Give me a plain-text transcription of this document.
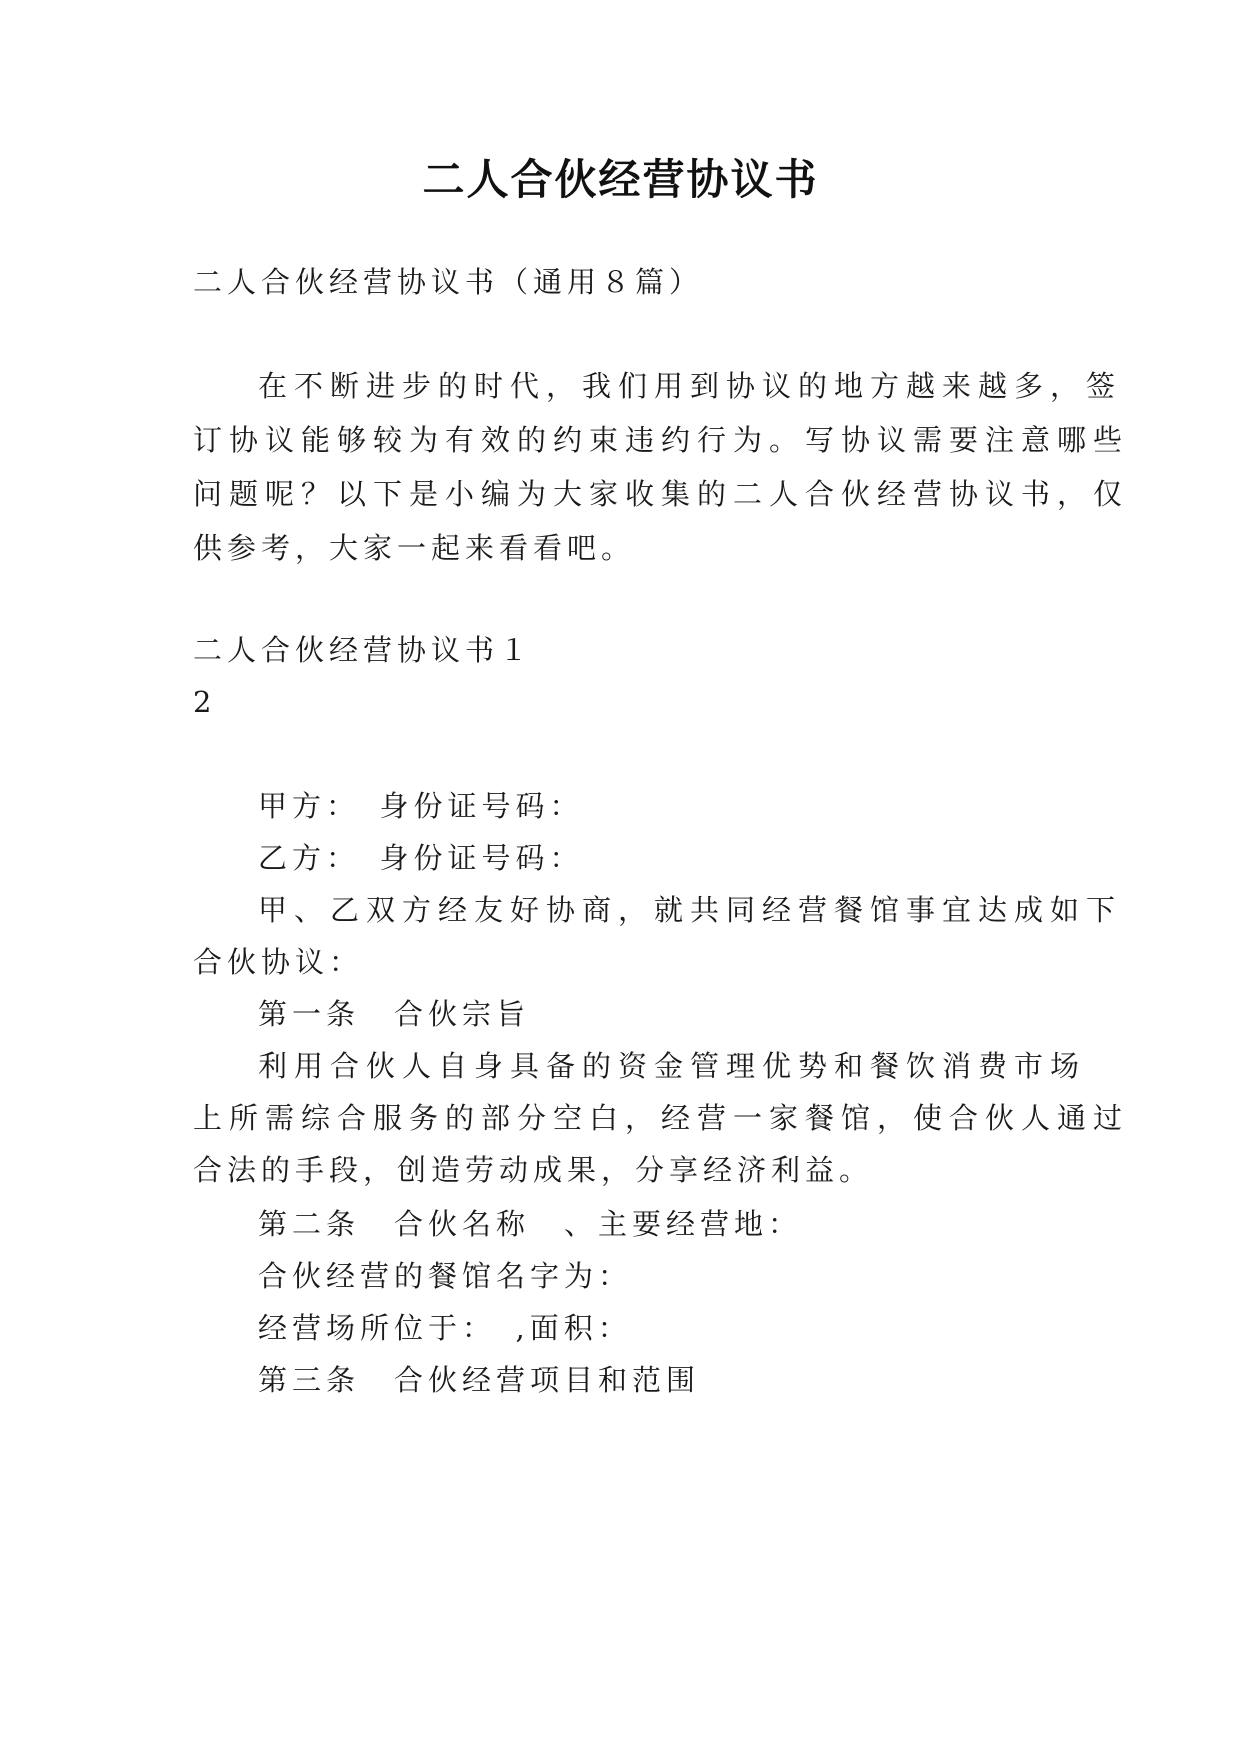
二人合伙经营协议书

二人合伙经营协议书（通用８篇）

在不断进步的时代，我们用到协议的地方越来越多，签

订协议能够较为有效的约束违约行为。写协议需要注意哪些

问题呢？以下是小编为大家收集的二人合伙经营协议书，仅

供参考，大家一起来看看吧。

二人合伙经营协议书１

2

甲方：　身份证号码：

乙方：　身份证号码：

甲、乙双方经友好协商，就共同经营餐馆事宜达成如下

合伙协议：

第一条　合伙宗旨

利用合伙人自身具备的资金管理优势和餐饮消费市场

上所需综合服务的部分空白，经营一家餐馆，使合伙人通过

合法的手段，创造劳动成果，分享经济利益。

第二条　合伙名称　、主要经营地：

合伙经营的餐馆名字为：

经营场所位于：　,面积：

第三条　合伙经营项目和范围
